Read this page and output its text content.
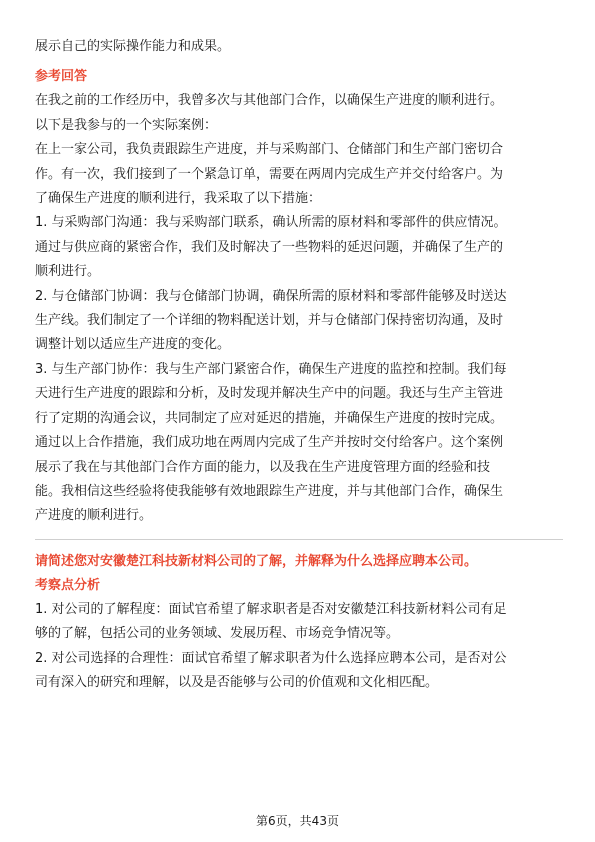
展示自己的实际操作能力和成果。
参考回答
在我之前的工作经历中，我曾多次与其他部门合作，以确保生产进度的顺利进行。
以下是我参与的一个实际案例：
在上一家公司，我负责跟踪生产进度，并与采购部门、仓储部门和生产部门密切合
作。有一次，我们接到了一个紧急订单，需要在两周内完成生产并交付给客户。为
了确保生产进度的顺利进行，我采取了以下措施：
1. 与采购部门沟通：我与采购部门联系，确认所需的原材料和零部件的供应情况。
通过与供应商的紧密合作，我们及时解决了一些物料的延迟问题，并确保了生产的
顺利进行。
2. 与仓储部门协调：我与仓储部门协调，确保所需的原材料和零部件能够及时送达
生产线。我们制定了一个详细的物料配送计划，并与仓储部门保持密切沟通，及时
调整计划以适应生产进度的变化。
3. 与生产部门协作：我与生产部门紧密合作，确保生产进度的监控和控制。我们每
天进行生产进度的跟踪和分析，及时发现并解决生产中的问题。我还与生产主管进
行了定期的沟通会议，共同制定了应对延迟的措施，并确保生产进度的按时完成。
通过以上合作措施，我们成功地在两周内完成了生产并按时交付给客户。这个案例
展示了我在与其他部门合作方面的能力，以及我在生产进度管理方面的经验和技
能。我相信这些经验将使我能够有效地跟踪生产进度，并与其他部门合作，确保生
产进度的顺利进行。
请简述您对安徽楚江科技新材料公司的了解，并解释为什么选择应聘本公司。
考察点分析
1. 对公司的了解程度：面试官希望了解求职者是否对安徽楚江科技新材料公司有足
够的了解，包括公司的业务领域、发展历程、市场竞争情况等。
2. 对公司选择的合理性：面试官希望了解求职者为什么选择应聘本公司，是否对公
司有深入的研究和理解，以及是否能够与公司的价值观和文化相匹配。
第6页，共43页
